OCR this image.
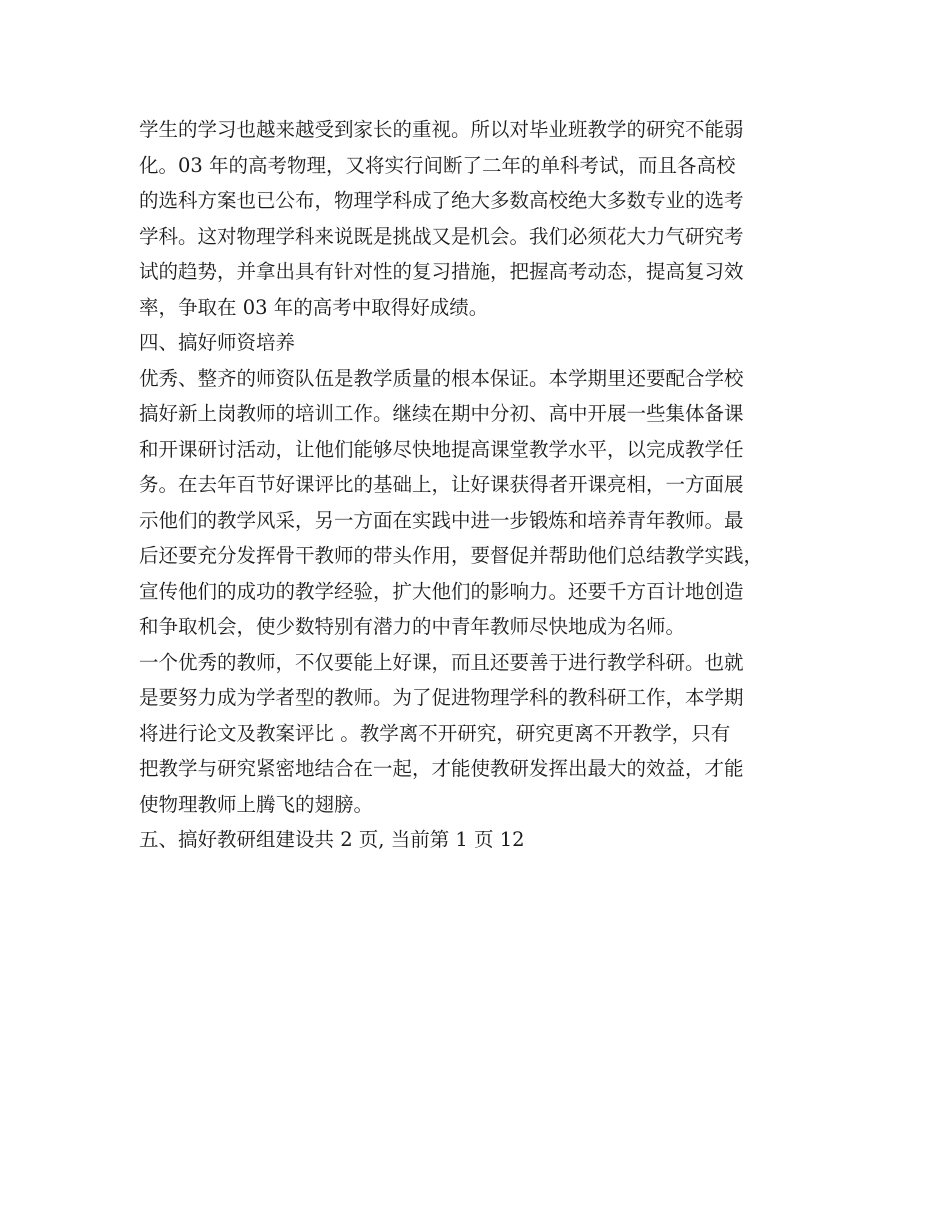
学生的学习也越来越受到家长的重视。所以对毕业班教学的研究不能弱
化。03 年的高考物理，又将实行间断了二年的单科考试，而且各高校
的选科方案也已公布，物理学科成了绝大多数高校绝大多数专业的选考
学科。这对物理学科来说既是挑战又是机会。我们必须花大力气研究考
试的趋势，并拿出具有针对性的复习措施，把握高考动态，提高复习效
率，争取在 03 年的高考中取得好成绩。
四、搞好师资培养
优秀、整齐的师资队伍是教学质量的根本保证。本学期里还要配合学校
搞好新上岗教师的培训工作。继续在期中分初、高中开展一些集体备课
和开课研讨活动，让他们能够尽快地提高课堂教学水平，以完成教学任
务。在去年百节好课评比的基础上，让好课获得者开课亮相，一方面展
示他们的教学风采，另一方面在实践中进一步锻炼和培养青年教师。最
后还要充分发挥骨干教师的带头作用，要督促并帮助他们总结教学实践，
宣传他们的成功的教学经验，扩大他们的影响力。还要千方百计地创造
和争取机会，使少数特别有潜力的中青年教师尽快地成为名师。
一个优秀的教师，不仅要能上好课，而且还要善于进行教学科研。也就
是要努力成为学者型的教师。为了促进物理学科的教科研工作，本学期
将进行论文及教案评比 。教学离不开研究，研究更离不开教学，只有
把教学与研究紧密地结合在一起，才能使教研发挥出最大的效益，才能
使物理教师上腾飞的翅膀。
五、搞好教研组建设共 2 页, 当前第 1 页 12
